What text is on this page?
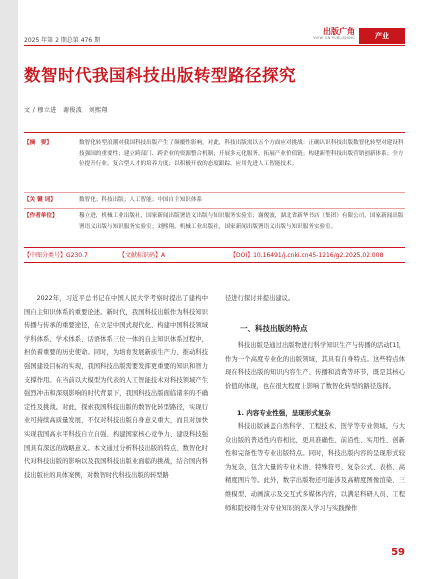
2025 年第 2 期总第 476 期
出版广角
VIEW ON PUBLISHING	产业
数智时代我国科技出版转型路径探究
文 / 穆立进　谢俊波　刘熙翔
【摘　要】	数智化转型浪潮对我国科技出版产生了颠覆性影响。对此，科技出版需以五个方面应对挑战：正确认识科技出版数智化转型对建设科技强国的重要性；建立跨部门、跨企业的资源整合机制；开展多元化服务，拓展产业价值链；构建新型科技出版营销创新体系；全方位提升行业、复合型人才的培养力度；以积极开放的态度跟踪、应用先进人工智能技术。
【关 键 词】	数智化；科技出版；人工智能；中国自主知识体系
【作者单位】	穆立进，机械工业出版社，国家新闻出版署语义出版与知识服务实验室；谢俊波，湖北省新华书店（集团）有限公司，国家新闻出版署语义出版与知识服务实验室；刘熙翔，机械工业出版社，国家新闻出版署语义出版与知识服务实验室。
【中图分类号】G230.7	【文献标识码】A	【DOI】10.16491/j.cnki.cn45-1216/g2.2025.02.008

2022年，习近平总书记在中国人民大学考察时提出了建构中国自主知识体系的重要论述。新时代，我国科技出版作为科技知识传播与传承的重要途径，在立足中国式现代化、构建中国科技领域学科体系、学术体系、话语体系三位一体的自主知识体系过程中，担负着重要的历史使命。同时，为培育发展新质生产力、推动科技强国建设目标的实现，我国科技出版需要发挥更重要的知识和智力支撑作用。在当前以大模型为代表的人工智能技术对科技领域产生强烈冲击和深刻影响的时代背景下，我国科技出版面临诸多的不确定性及挑战。对此，探索我国科技出版的数智化转型路径，实现行业可持续高质量发展，不仅对科技出版自身意义重大，而且对加快实现我国高水平科技自立自强、构建国家核心竞争力、建设科技强国具有深远的战略意义。本文通过分析科技出版的特点、数智化时代对科技出版的影响以及我国科技出版业面临的挑战，结合国内科技出版社的具体案例，对数智时代科技出版的转型路

径进行探讨并提出建议。
一、科技出版的特点

科技出版是通过出版物进行科学知识生产与传播的活动[1]，作为一个高度专业化的出版领域，其具有自身特点。这些特点体现在科技出版的知识内容生产、传播和消费等环节，既是其核心价值的体现，也在很大程度上影响了数智化转型的路径选择。

1. 内容专业性强，呈现形式复杂

科技出版涵盖自然科学、工程技术、医学等专业领域，与大众出版的普适性内容相比，更具准确性、前沿性、实用性、创新性和完备性等专业出版特点。同时，科技出版内容的呈现形式较为复杂，包含大量的专业术语、特殊符号、复杂公式、表格、高精度图片等。此外，数字出版物还可能涉及高精度图像渲染、三维模型、动画演示及交互式多媒体内容，以满足科研人员、工程师和院校师生对专业知识的深入学习与实践操作

59
